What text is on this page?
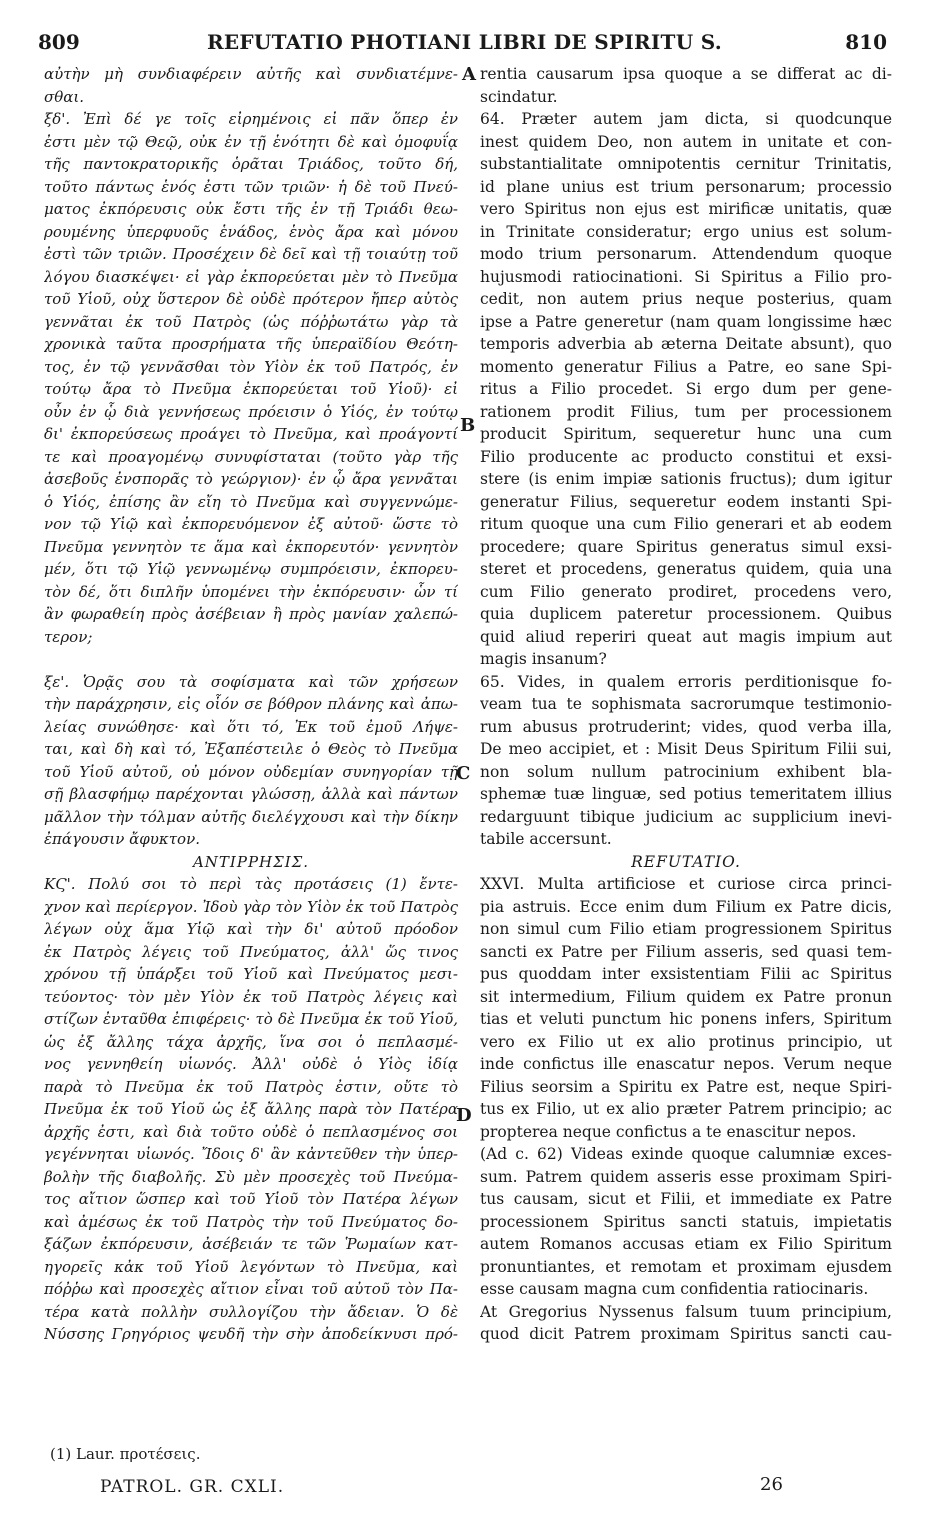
809	REFUTATIO PHOTIANI LIBRI DE SPIRITU S.	810
αὐτὴν μὴ συνδιαφέρειν αὐτῆς καὶ συνδιατέμνε-
σθαι.
ξδ'. Ἐπὶ δέ γε τοῖς εἰρημένοις εἰ πᾶν ὅπερ ἐν
ἐστι μὲν τῷ Θεῷ, οὐκ ἐν τῇ ἑνότητι δὲ καὶ ὁμοφυΐᾳ
τῆς παντοκρατορικῆς ὁρᾶται Τριάδος, τοῦτο δή,
τοῦτο πάντως ἑνός ἐστι τῶν τριῶν· ἡ δὲ τοῦ Πνεύ-
ματος ἐκπόρευσις οὐκ ἔστι τῆς ἐν τῇ Τριάδι θεω-
ρουμένης ὑπερφυοῦς ἑνάδος, ἑνὸς ἄρα καὶ μόνου
ἐστὶ τῶν τριῶν. Προσέχειν δὲ δεῖ καὶ τῇ τοιαύτῃ τοῦ
λόγου διασκέψει· εἰ γὰρ ἐκπορεύεται μὲν τὸ Πνεῦμα
τοῦ Υἱοῦ, οὐχ ὕστερον δὲ οὐδὲ πρότερον ἤπερ αὐτὸς
γεννᾶται ἐκ τοῦ Πατρὸς (ὡς πόῤῥωτάτω γὰρ τὰ
χρονικὰ ταῦτα προσρήματα τῆς ὑπεραϊδίου Θεότη-
τος, ἐν τῷ γεννᾶσθαι τὸν Υἱὸν ἐκ τοῦ Πατρός, ἐν
τούτῳ ἄρα τὸ Πνεῦμα ἐκπορεύεται τοῦ Υἱοῦ)· εἰ
οὖν ἐν ᾧ διὰ γεννήσεως πρόεισιν ὁ Υἱός, ἐν τούτῳ
δι' ἐκπορεύσεως προάγει τὸ Πνεῦμα, καὶ προάγοντί
τε καὶ προαγομένῳ συνυφίσταται (τοῦτο γὰρ τῆς
ἀσεβοῦς ἐνσπορᾶς τὸ γεώργιον)· ἐν ᾧ ἄρα γεννᾶται
ὁ Υἱός, ἐπίσης ἂν εἴη τὸ Πνεῦμα καὶ συγγεννώμε-
νον τῷ Υἱῷ καὶ ἐκπορευόμενον ἐξ αὐτοῦ· ὥστε τὸ
Πνεῦμα γεννητὸν τε ἅμα καὶ ἐκπορευτόν· γεννητὸν
μέν, ὅτι τῷ Υἱῷ γεννωμένῳ συμπρόεισιν, ἐκπορευ-
τὸν δέ, ὅτι διπλῆν ὑπομένει τὴν ἐκπόρευσιν· ὧν τί
ἂν φωραθείη πρὸς ἀσέβειαν ἢ πρὸς μανίαν χαλεπώ-
τερον;
ξε'. Ὁρᾷς σου τὰ σοφίσματα καὶ τῶν χρήσεων
τὴν παράχρησιν, εἰς οἷόν σε βόθρον πλάνης καὶ ἀπω-
λείας συνώθησε· καὶ ὅτι τό, Ἐκ τοῦ ἐμοῦ Λήψε-
ται, καὶ δὴ καὶ τό, Ἐξαπέστειλε ὁ Θεὸς τὸ Πνεῦμα
τοῦ Υἱοῦ αὐτοῦ, οὐ μόνον οὐδεμίαν συνηγορίαν τῇ
σῇ βλασφήμῳ παρέχονται γλώσσῃ, ἀλλὰ καὶ πάντων
μᾶλλον τὴν τόλμαν αὐτῆς διελέγχουσι καὶ τὴν δίκην
ἐπάγουσιν ἄφυκτον.
ΑΝΤΙΡΡΗΣΙΣ.
ΚϚ'. Πολύ σοι τὸ περὶ τὰς προτάσεις (1) ἔντε-
χνον καὶ περίεργον. Ἰδοὺ γὰρ τὸν Υἱὸν ἐκ τοῦ Πατρὸς
λέγων οὐχ ἅμα Υἱῷ καὶ τὴν δι' αὐτοῦ πρόοδον
ἐκ Πατρὸς λέγεις τοῦ Πνεύματος, ἀλλ' ὥς τινος
χρόνου τῇ ὑπάρξει τοῦ Υἱοῦ καὶ Πνεύματος μεσι-
τεύοντος· τὸν μὲν Υἱὸν ἐκ τοῦ Πατρὸς λέγεις καὶ
στίζων ἐνταῦθα ἐπιφέρεις· τὸ δὲ Πνεῦμα ἐκ τοῦ Υἱοῦ,
ὡς ἐξ ἄλλης τάχα ἀρχῆς, ἵνα σοι ὁ πεπλασμέ-
νος γεννηθείη υἱωνός. Ἀλλ' οὐδὲ ὁ Υἱὸς ἰδίᾳ
παρὰ τὸ Πνεῦμα ἐκ τοῦ Πατρὸς ἐστιν, οὔτε τὸ
Πνεῦμα ἐκ τοῦ Υἱοῦ ὡς ἐξ ἄλλης παρὰ τὸν Πατέρα
ἀρχῆς ἐστι, καὶ διὰ τοῦτο οὐδὲ ὁ πεπλασμένος σοι
γεγέννηται υἱωνός. Ἴδοις δ' ἂν κἀντεῦθεν τὴν ὑπερ-
βολὴν τῆς διαβολῆς. Σὺ μὲν προσεχὲς τοῦ Πνεύμα-
τος αἴτιον ὥσπερ καὶ τοῦ Υἱοῦ τὸν Πατέρα λέγων
καὶ ἀμέσως ἐκ τοῦ Πατρὸς τὴν τοῦ Πνεύματος δο-
ξάζων ἐκπόρευσιν, ἀσέβειάν τε τῶν Ῥωμαίων κατ-
ηγορεῖς κἀκ τοῦ Υἱοῦ λεγόντων τὸ Πνεῦμα, καὶ
πόῤῥω καὶ προσεχὲς αἴτιον εἶναι τοῦ αὐτοῦ τὸν Πα-
τέρα κατὰ πολλὴν συλλογίζου τὴν ἄδειαν. Ὁ δὲ
Νύσσης Γρηγόριος ψευδῆ τὴν σὴν ἀποδείκνυσι πρό-
rentia causarum ipsa quoque a se differat ac di-
scindatur.
64. Præter autem jam dicta, si quodcunque
inest quidem Deo, non autem in unitate et con-
substantialitate omnipotentis cernitur Trinitatis,
id plane unius est trium personarum; processio
vero Spiritus non ejus est mirificæ unitatis, quæ
in Trinitate consideratur; ergo unius est solum-
modo trium personarum. Attendendum quoque
hujusmodi ratiocinationi. Si Spiritus a Filio pro-
cedit, non autem prius neque posterius, quam
ipse a Patre generetur (nam quam longissime hæc
temporis adverbia ab æterna Deitate absunt), quo
momento generatur Filius a Patre, eo sane Spi-
ritus a Filio procedet. Si ergo dum per gene-
rationem prodit Filius, tum per processionem
producit Spiritum, sequeretur hunc una cum
Filio producente ac producto constitui et exsi-
stere (is enim impiæ sationis fructus); dum igitur
generatur Filius, sequeretur eodem instanti Spi-
ritum quoque una cum Filio generari et ab eodem
procedere; quare Spiritus generatus simul exsi-
steret et procedens, generatus quidem, quia una
cum Filio generato prodiret, procedens vero,
quia duplicem pateretur processionem. Quibus
quid aliud reperiri queat aut magis impium aut
magis insanum?
65. Vides, in qualem erroris perditionisque fo-
veam tua te sophismata sacrorumque testimonio-
rum abusus protruderint; vides, quod verba illa,
De meo accipiet, et : Misit Deus Spiritum Filii sui,
non solum nullum patrocinium exhibent bla-
sphemæ tuæ linguæ, sed potius temeritatem illius
redarguunt tibique judicium ac supplicium inevi-
tabile accersunt.
REFUTATIO.
XXVI. Multa artificiose et curiose circa princi-
pia astruis. Ecce enim dum Filium ex Patre dicis,
non simul cum Filio etiam progressionem Spiritus
sancti ex Patre per Filium asseris, sed quasi tem-
pus quoddam inter exsistentiam Filii ac Spiritus
sit intermedium, Filium quidem ex Patre pronun
tias et veluti punctum hic ponens infers, Spiritum
vero ex Filio ut ex alio protinus principio, ut
inde confictus ille enascatur nepos. Verum neque
Filius seorsim a Spiritu ex Patre est, neque Spiri-
tus ex Filio, ut ex alio præter Patrem principio; ac
propterea neque confictus a te enascitur nepos.
(Ad c. 62) Videas exinde quoque calumniæ exces-
sum. Patrem quidem asseris esse proximam Spiri-
tus causam, sicut et Filii, et immediate ex Patre
processionem Spiritus sancti statuis, impietatis
autem Romanos accusas etiam ex Filio Spiritum
pronuntiantes, et remotam et proximam ejusdem
esse causam magna cum confidentia ratiocinaris.
At Gregorius Nyssenus falsum tuum principium,
quod dicit Patrem proximam Spiritus sancti cau-
A
B
C
D
(1) Laur. προτέσεις.
PATROL. GR. CXLI.	26
